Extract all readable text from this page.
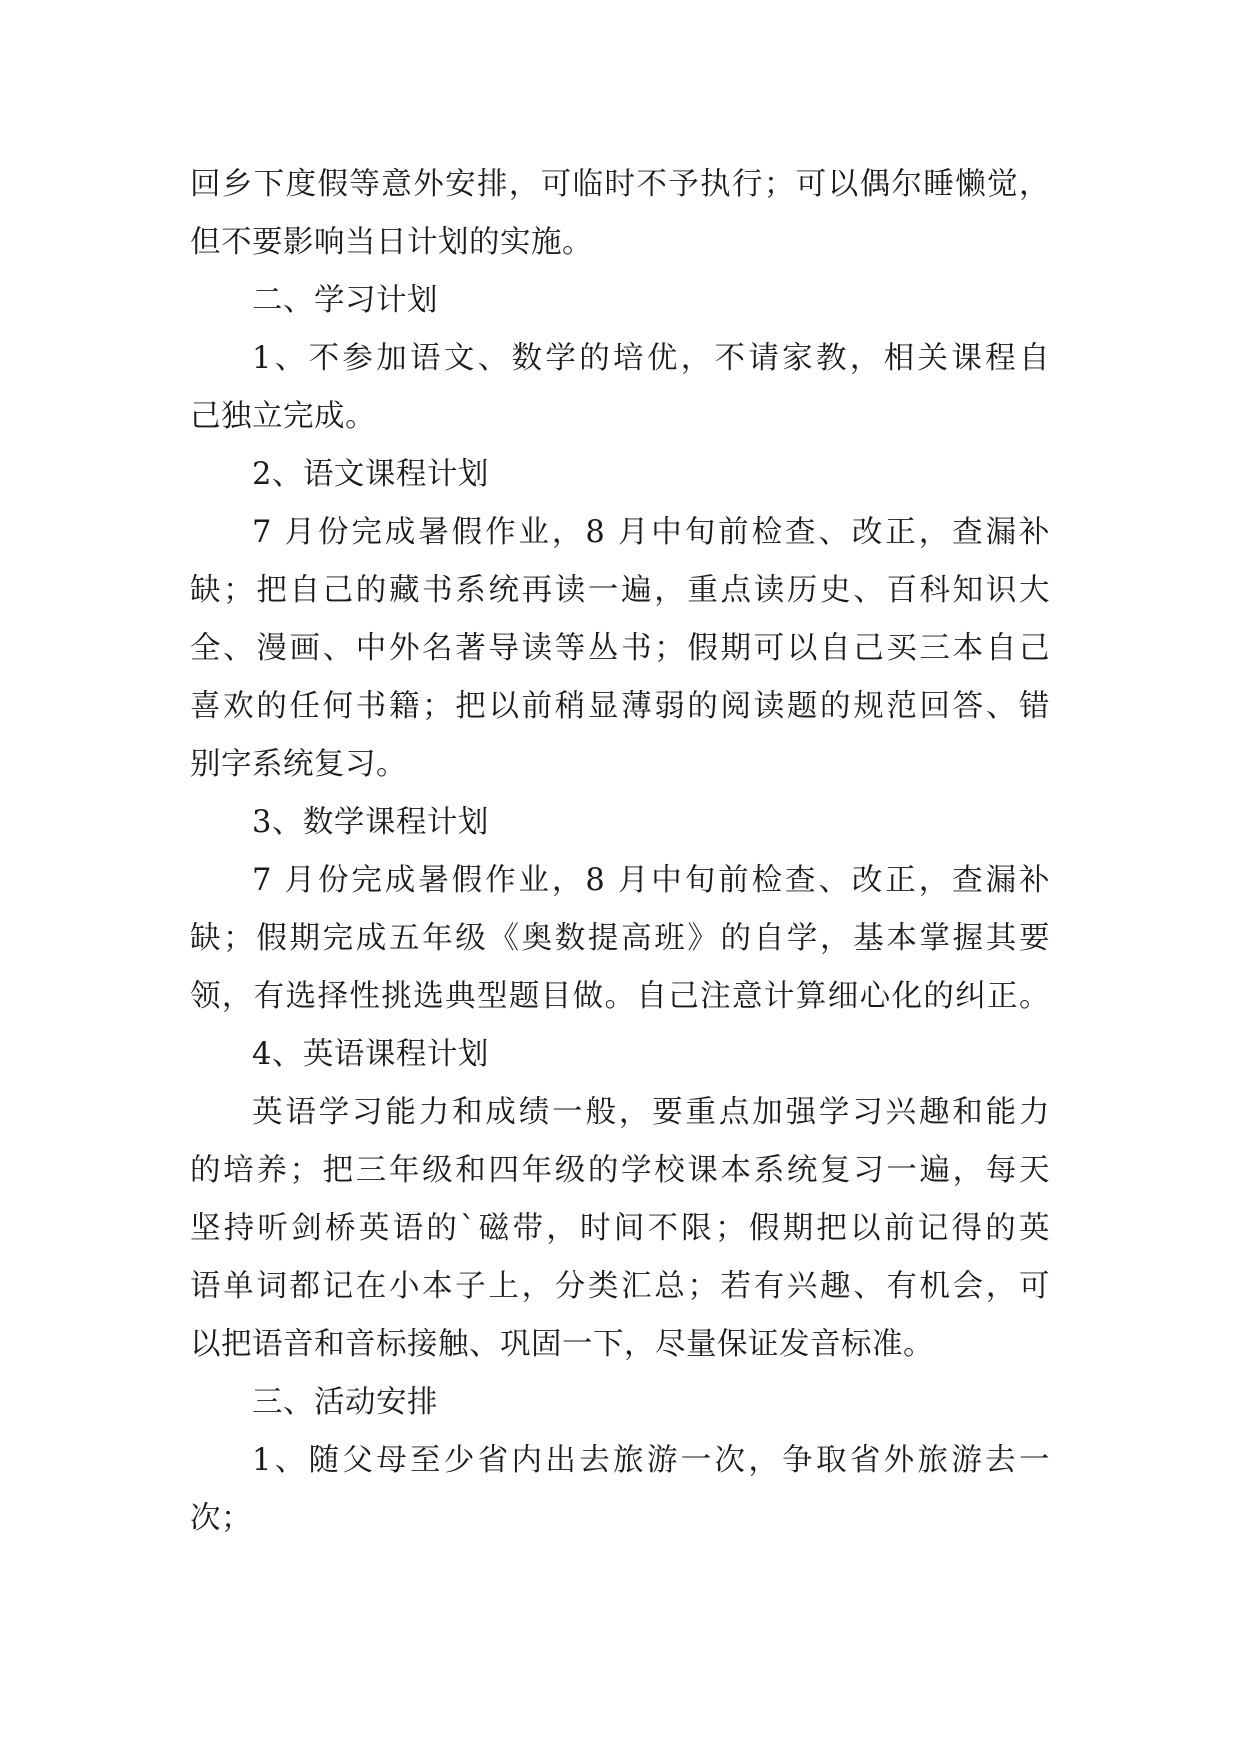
回乡下度假等意外安排，可临时不予执行；可以偶尔睡懒觉，
但不要影响当日计划的实施。
二、学习计划
1、不参加语文、数学的培优，不请家教，相关课程自
己独立完成。
2、语文课程计划
7 月份完成暑假作业，8 月中旬前检查、改正，查漏补
缺；把自己的藏书系统再读一遍，重点读历史、百科知识大
全、漫画、中外名著导读等丛书；假期可以自己买三本自己
喜欢的任何书籍；把以前稍显薄弱的阅读题的规范回答、错
别字系统复习。
3、数学课程计划
7 月份完成暑假作业，8 月中旬前检查、改正，查漏补
缺；假期完成五年级《奥数提高班》的自学，基本掌握其要
领，有选择性挑选典型题目做。自己注意计算细心化的纠正。
4、英语课程计划
英语学习能力和成绩一般，要重点加强学习兴趣和能力
的培养；把三年级和四年级的学校课本系统复习一遍，每天
坚持听剑桥英语的`磁带，时间不限；假期把以前记得的英
语单词都记在小本子上，分类汇总；若有兴趣、有机会，可
以把语音和音标接触、巩固一下，尽量保证发音标准。
三、活动安排
1、随父母至少省内出去旅游一次，争取省外旅游去一
次；
